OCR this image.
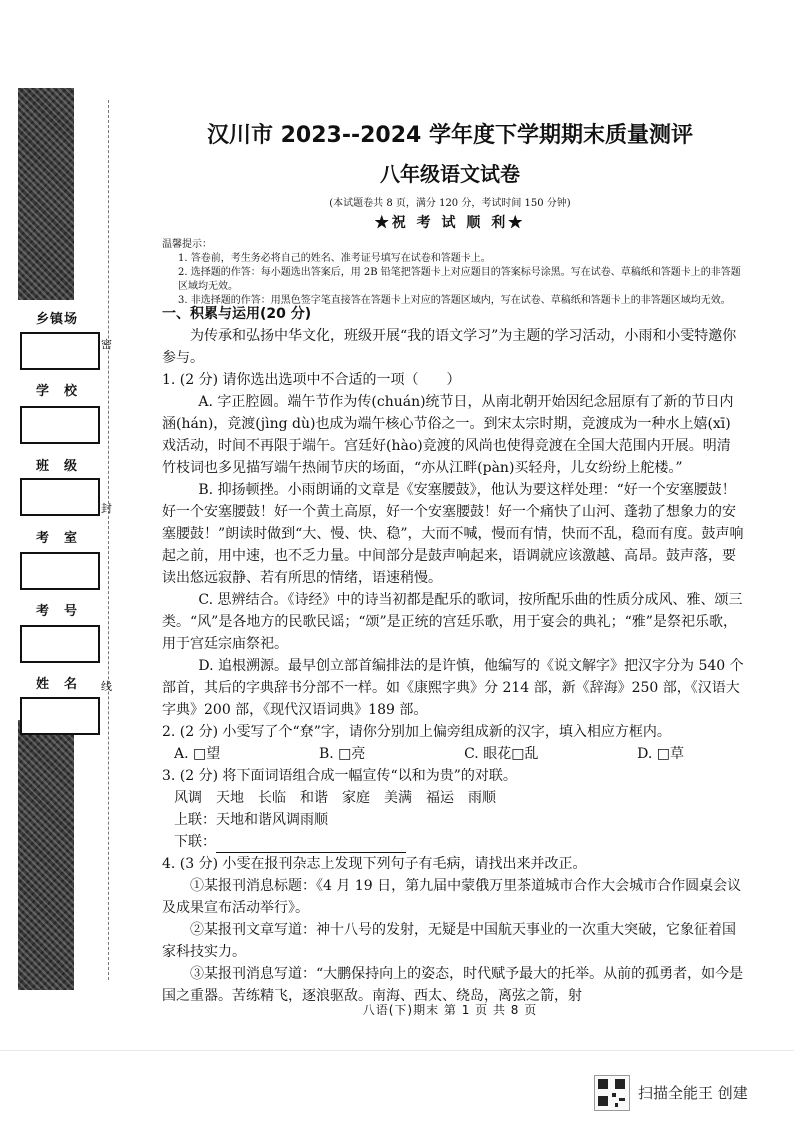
乡镇场
学　校
班　级
考　室
考　号
姓　名
密
封
线
汉川市 2023--2024 学年度下学期期末质量测评
八年级语文试卷
(本试题卷共 8 页，满分 120 分，考试时间 150 分钟)
★祝 考 试 顺 利★

温馨提示：

1. 答卷前，考生务必将自己的姓名、准考证号填写在试卷和答题卡上。

2. 选择题的作答：每小题选出答案后，用 2B 铅笔把答题卡上对应题目的答案标号涂黑。写在试卷、草稿纸和答题卡上的非答题区域均无效。

3. 非选择题的作答：用黑色签字笔直接答在答题卡上对应的答题区域内，写在试卷、草稿纸和答题卡上的非答题区域均无效。

一、积累与运用(20 分)

为传承和弘扬中华文化，班级开展“我的语文学习”为主题的学习活动，小雨和小雯特邀你参与。

1. (2 分) 请你选出选项中不合适的一项（　　）

A. 字正腔圆。端午节作为传(chuán)统节日，从南北朝开始因纪念屈原有了新的节日内涵(hán)，竞渡(jìng dù)也成为端午核心节俗之一。到宋太宗时期，竞渡成为一种水上嬉(xī)戏活动，时间不再限于端午。宫廷好(hào)竞渡的风尚也使得竞渡在全国大范围内开展。明清竹枝词也多见描写端午热闹节庆的场面，“亦从江畔(pàn)买轻舟，儿女纷纷上舵楼。”

B. 抑扬顿挫。小雨朗诵的文章是《安塞腰鼓》，他认为要这样处理：“好一个安塞腰鼓！好一个安塞腰鼓！好一个黄土高原，好一个安塞腰鼓！好一个痛快了山河、蓬勃了想象力的安塞腰鼓！”朗读时做到“大、慢、快、稳”，大而不喊，慢而有情，快而不乱，稳而有度。鼓声响起之前，用中速，也不乏力量。中间部分是鼓声响起来，语调就应该激越、高昂。鼓声落，要读出悠远寂静、若有所思的情绪，语速稍慢。

C. 思辨结合。《诗经》中的诗当初都是配乐的歌词，按所配乐曲的性质分成风、雅、颂三类。“风”是各地方的民歌民谣；“颂”是正统的宫廷乐歌，用于宴会的典礼；“雅”是祭祀乐歌，用于宫廷宗庙祭祀。

D. 追根溯源。最早创立部首编排法的是许慎，他编写的《说文解字》把汉字分为 540 个部首，其后的字典辞书分部不一样。如《康熙字典》分 214 部，新《辞海》250 部，《汉语大字典》200 部，《现代汉语词典》189 部。

2. (2 分) 小雯写了个“尞”字，请你分别加上偏旁组成新的汉字，填入相应方框内。

A. □望	B. □亮	C. 眼花□乱	D. □草

3. (2 分) 将下面词语组合成一幅宣传“以和为贵”的对联。

风调　天地　长临　和谐　家庭　美满　福运　雨顺

上联：天地和谐风调雨顺

下联：

4. (3 分) 小雯在报刊杂志上发现下列句子有毛病，请找出来并改正。

①某报刊消息标题：《4 月 19 日，第九届中蒙俄万里茶道城市合作大会城市合作圆桌会议及成果宣布活动举行》。

②某报刊文章写道：神十八号的发射，无疑是中国航天事业的一次重大突破，它象征着国家科技实力。

③某报刊消息写道：“大鹏保持向上的姿态，时代赋予最大的托举。从前的孤勇者，如今是国之重器。苦练精飞，逐浪驱敌。南海、西太、绕岛，离弦之箭，射

八语(下)期末 第 1 页 共 8 页
扫描全能王 创建
